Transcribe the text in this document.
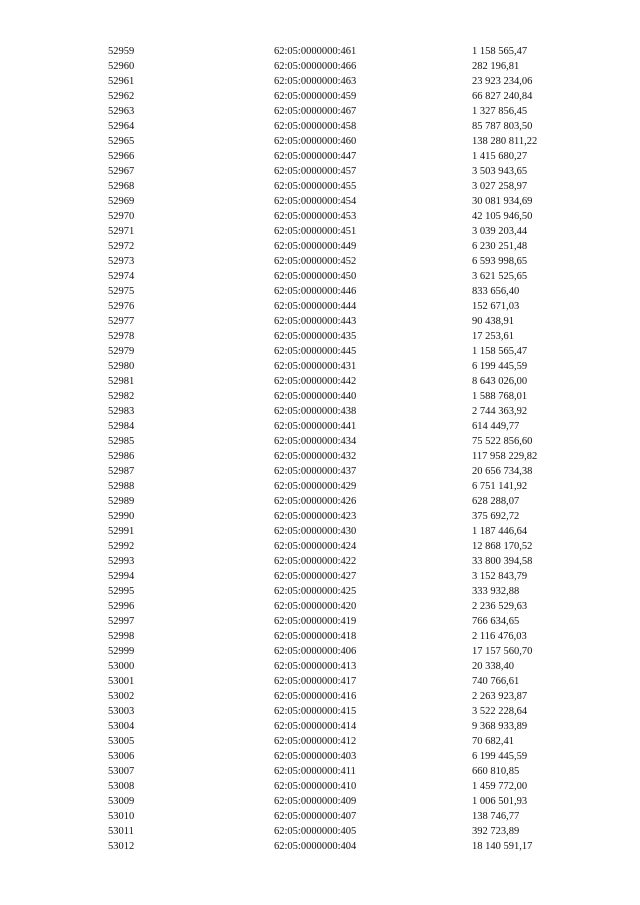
52959	62:05:0000000:461	1 158 565,47
52960	62:05:0000000:466	282 196,81
52961	62:05:0000000:463	23 923 234,06
52962	62:05:0000000:459	66 827 240,84
52963	62:05:0000000:467	1 327 856,45
52964	62:05:0000000:458	85 787 803,50
52965	62:05:0000000:460	138 280 811,22
52966	62:05:0000000:447	1 415 680,27
52967	62:05:0000000:457	3 503 943,65
52968	62:05:0000000:455	3 027 258,97
52969	62:05:0000000:454	30 081 934,69
52970	62:05:0000000:453	42 105 946,50
52971	62:05:0000000:451	3 039 203,44
52972	62:05:0000000:449	6 230 251,48
52973	62:05:0000000:452	6 593 998,65
52974	62:05:0000000:450	3 621 525,65
52975	62:05:0000000:446	833 656,40
52976	62:05:0000000:444	152 671,03
52977	62:05:0000000:443	90 438,91
52978	62:05:0000000:435	17 253,61
52979	62:05:0000000:445	1 158 565,47
52980	62:05:0000000:431	6 199 445,59
52981	62:05:0000000:442	8 643 026,00
52982	62:05:0000000:440	1 588 768,01
52983	62:05:0000000:438	2 744 363,92
52984	62:05:0000000:441	614 449,77
52985	62:05:0000000:434	75 522 856,60
52986	62:05:0000000:432	117 958 229,82
52987	62:05:0000000:437	20 656 734,38
52988	62:05:0000000:429	6 751 141,92
52989	62:05:0000000:426	628 288,07
52990	62:05:0000000:423	375 692,72
52991	62:05:0000000:430	1 187 446,64
52992	62:05:0000000:424	12 868 170,52
52993	62:05:0000000:422	33 800 394,58
52994	62:05:0000000:427	3 152 843,79
52995	62:05:0000000:425	333 932,88
52996	62:05:0000000:420	2 236 529,63
52997	62:05:0000000:419	766 634,65
52998	62:05:0000000:418	2 116 476,03
52999	62:05:0000000:406	17 157 560,70
53000	62:05:0000000:413	20 338,40
53001	62:05:0000000:417	740 766,61
53002	62:05:0000000:416	2 263 923,87
53003	62:05:0000000:415	3 522 228,64
53004	62:05:0000000:414	9 368 933,89
53005	62:05:0000000:412	70 682,41
53006	62:05:0000000:403	6 199 445,59
53007	62:05:0000000:411	660 810,85
53008	62:05:0000000:410	1 459 772,00
53009	62:05:0000000:409	1 006 501,93
53010	62:05:0000000:407	138 746,77
53011	62:05:0000000:405	392 723,89
53012	62:05:0000000:404	18 140 591,17
